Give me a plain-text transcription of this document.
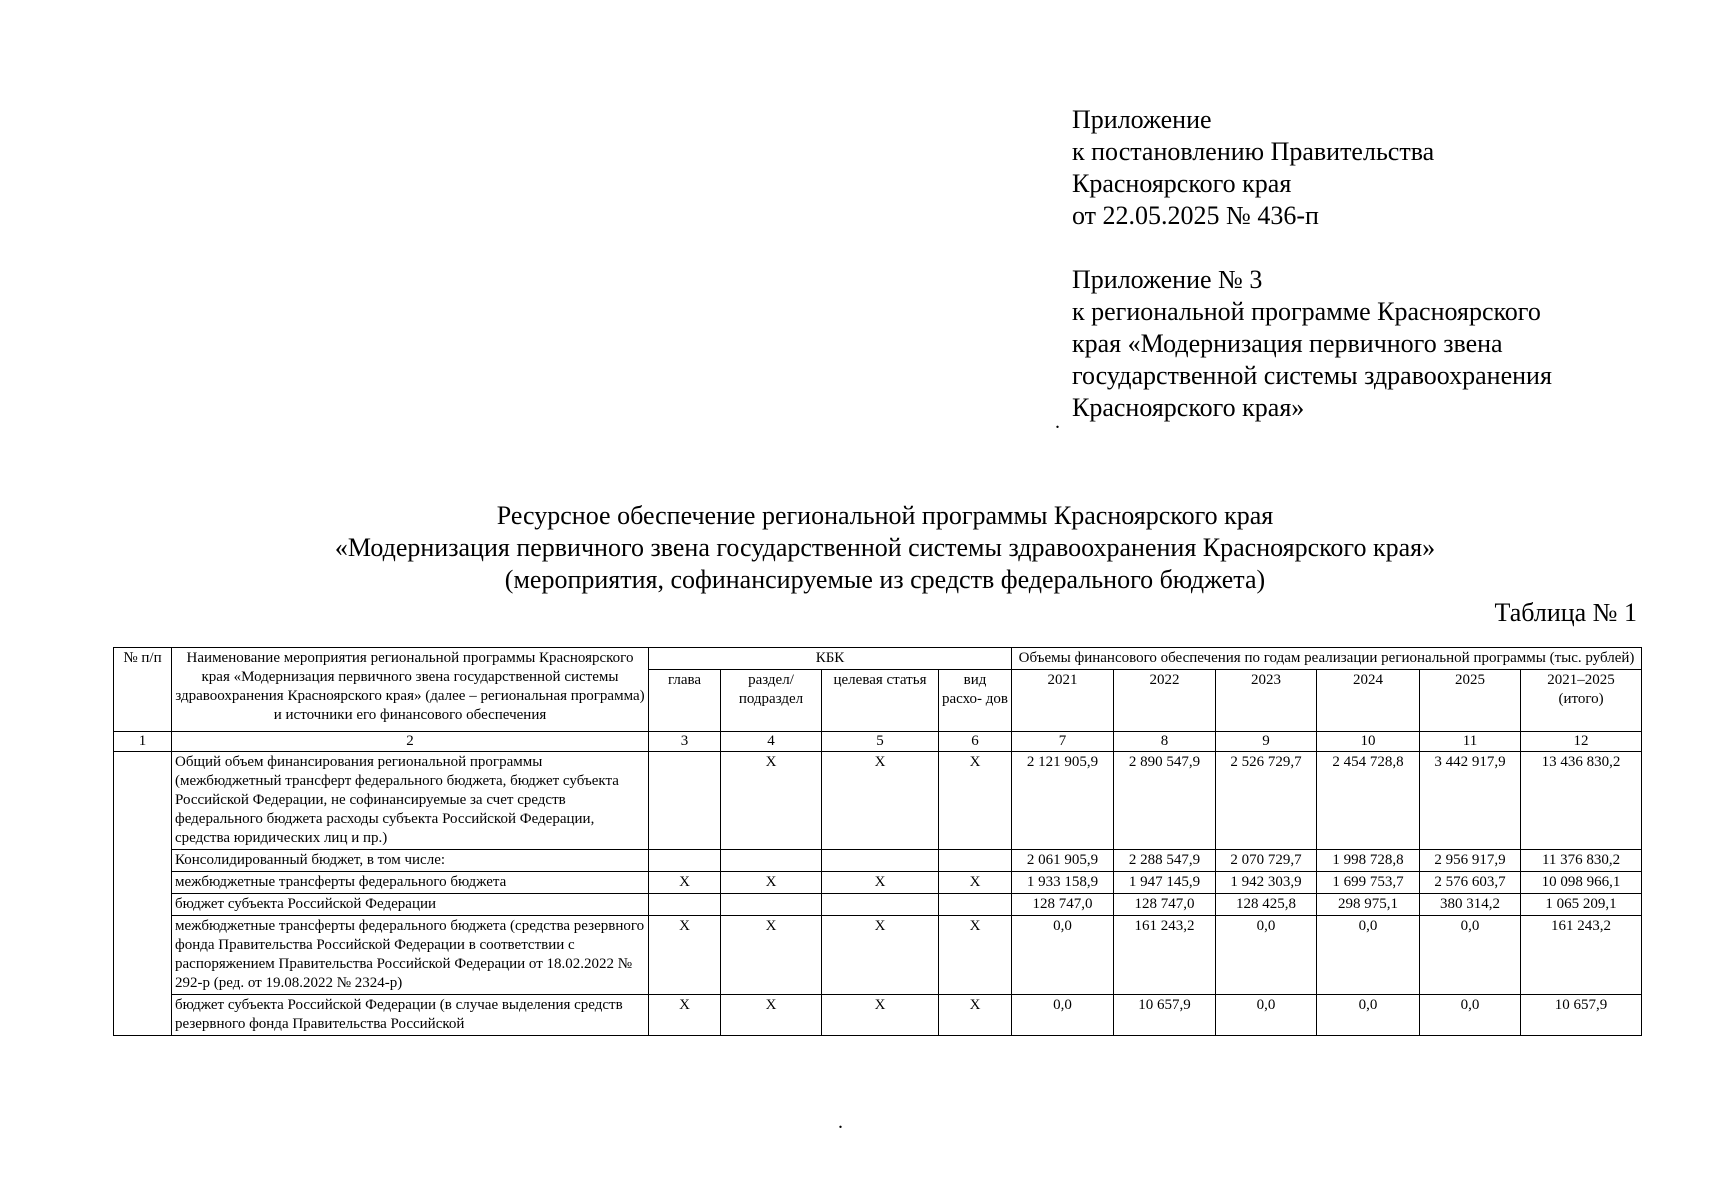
Приложение
к постановлению Правительства
Красноярского края
от 22.05.2025 № 436-п
Приложение № 3
к региональной программе Красноярского
края «Модернизация первичного звена
государственной системы здравоохранения
Красноярского края»
.
.
Ресурсное обеспечение региональной программы Красноярского края
«Модернизация первичного звена государственной системы здравоохранения Красноярского края»
(мероприятия, софинансируемые из средств федерального бюджета)
Таблица № 1
№ п/п	Наименование мероприятия региональной программы Красноярского края «Модернизация первичного звена государственной системы здравоохранения Красноярского края» (далее – региональная программа) и источники его финансового обеспечения	КБК				Объемы финансового обеспечения по годам реализации региональной программы (тыс. рублей)					
		глава	раздел/ подраздел	целевая статья	вид расхо- дов	2021	2022	2023	2024	2025	2021–2025 (итого)
1	2	3	4	5	6	7	8	9	10	11	12
	Общий объем финансирования региональной программы (межбюджетный трансферт федерального бюджета, бюджет субъекта Российской Федерации, не софинансируемые за счет средств федерального бюджета расходы субъекта Российской Федерации, средства юридических лиц и пр.)		Х	Х	Х	2 121 905,9	2 890 547,9	2 526 729,7	2 454 728,8	3 442 917,9	13 436 830,2
	Консолидированный бюджет, в том числе:					2 061 905,9	2 288 547,9	2 070 729,7	1 998 728,8	2 956 917,9	11 376 830,2
	межбюджетные трансферты федерального бюджета	Х	Х	Х	Х	1 933 158,9	1 947 145,9	1 942 303,9	1 699 753,7	2 576 603,7	10 098 966,1
	бюджет субъекта Российской Федерации					128 747,0	128 747,0	128 425,8	298 975,1	380 314,2	1 065 209,1
	межбюджетные трансферты федерального бюджета (средства резервного фонда Правительства Российской Федерации в соответствии с распоряжением Правительства Российской Федерации от 18.02.2022 № 292-р (ред. от 19.08.2022 № 2324-р)	Х	Х	Х	Х	0,0	161 243,2	0,0	0,0	0,0	161 243,2
	бюджет субъекта Российской Федерации (в случае выделения средств резервного фонда Правительства Российской	Х	Х	Х	Х	0,0	10 657,9	0,0	0,0	0,0	10 657,9
